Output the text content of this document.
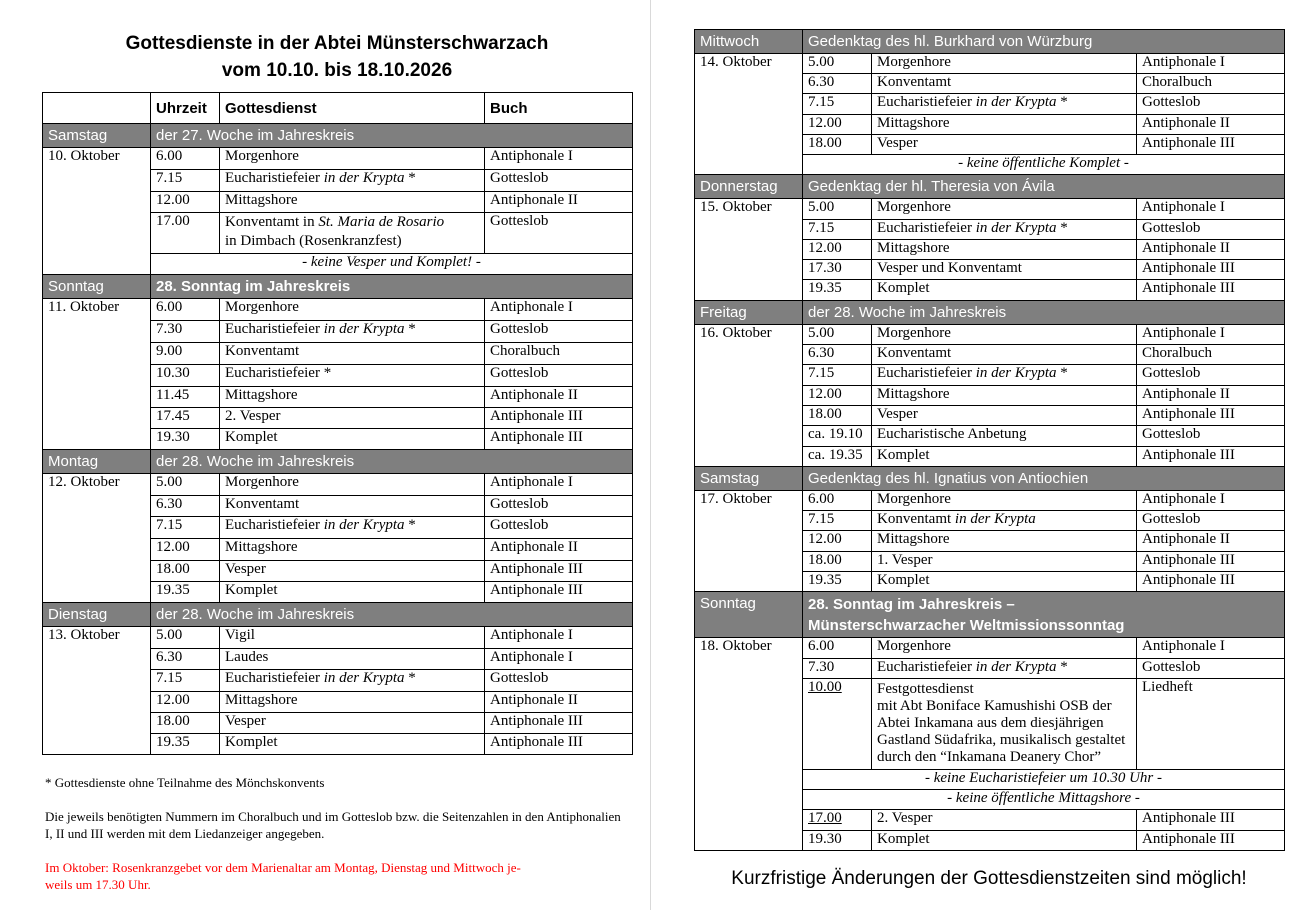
Gottesdienste in der Abtei Münsterschwarzach
vom 10.10. bis 18.10.2026
	Uhrzeit	Gottesdienst	Buch
Samstag	der 27. Woche im Jahreskreis		
10. Oktober	6.00	Morgenhore	Antiphonale I
	7.15	Eucharistiefeier in der Krypta *	Gotteslob
	12.00	Mittagshore	Antiphonale II
	17.00	Konventamt in St. Maria de Rosario
in Dimbach (Rosenkranzfest)	Gotteslob
	- keine Vesper und Komplet! -		
Sonntag	28. Sonntag im Jahreskreis		
11. Oktober	6.00	Morgenhore	Antiphonale I
	7.30	Eucharistiefeier in der Krypta *	Gotteslob
	9.00	Konventamt	Choralbuch
	10.30	Eucharistiefeier *	Gotteslob
	11.45	Mittagshore	Antiphonale II
	17.45	2. Vesper	Antiphonale III
	19.30	Komplet	Antiphonale III
Montag	der 28. Woche im Jahreskreis		
12. Oktober	5.00	Morgenhore	Antiphonale I
	6.30	Konventamt	Gotteslob
	7.15	Eucharistiefeier in der Krypta *	Gotteslob
	12.00	Mittagshore	Antiphonale II
	18.00	Vesper	Antiphonale III
	19.35	Komplet	Antiphonale III
Dienstag	der 28. Woche im Jahreskreis		
13. Oktober	5.00	Vigil	Antiphonale I
	6.30	Laudes	Antiphonale I
	7.15	Eucharistiefeier in der Krypta *	Gotteslob
	12.00	Mittagshore	Antiphonale II
	18.00	Vesper	Antiphonale III
	19.35	Komplet	Antiphonale III
* Gottesdienste ohne Teilnahme des Mönchskonvents
Die jeweils benötigten Nummern im Choralbuch und im Gotteslob bzw. die Seitenzahlen in den Antiphonalien I, II und III werden mit dem Liedanzeiger angegeben.
Im Oktober: Rosenkranzgebet vor dem Marienaltar am Montag, Dienstag und Mittwoch je-
weils um 17.30 Uhr.
Mittwoch	Gedenktag des hl. Burkhard von Würzburg		
14. Oktober	5.00	Morgenhore	Antiphonale I
	6.30	Konventamt	Choralbuch
	7.15	Eucharistiefeier in der Krypta *	Gotteslob
	12.00	Mittagshore	Antiphonale II
	18.00	Vesper	Antiphonale III
	- keine öffentliche Komplet -		
Donnerstag	Gedenktag der hl. Theresia von Ávila		
15. Oktober	5.00	Morgenhore	Antiphonale I
	7.15	Eucharistiefeier in der Krypta *	Gotteslob
	12.00	Mittagshore	Antiphonale II
	17.30	Vesper und Konventamt	Antiphonale III
	19.35	Komplet	Antiphonale III
Freitag	der 28. Woche im Jahreskreis		
16. Oktober	5.00	Morgenhore	Antiphonale I
	6.30	Konventamt	Choralbuch
	7.15	Eucharistiefeier in der Krypta *	Gotteslob
	12.00	Mittagshore	Antiphonale II
	18.00	Vesper	Antiphonale III
	ca. 19.10	Eucharistische Anbetung	Gotteslob
	ca. 19.35	Komplet	Antiphonale III
Samstag	Gedenktag des hl. Ignatius von Antiochien		
17. Oktober	6.00	Morgenhore	Antiphonale I
	7.15	Konventamt in der Krypta	Gotteslob
	12.00	Mittagshore	Antiphonale II
	18.00	1. Vesper	Antiphonale III
	19.35	Komplet	Antiphonale III
Sonntag	28. Sonntag im Jahreskreis –
Münsterschwarzacher Weltmissionssonntag		

18. Oktober	6.00	Morgenhore	Antiphonale I
	7.30	Eucharistiefeier in der Krypta *	Gotteslob
	10.00	Festgottesdienst
mit Abt Boniface Kamushishi OSB der
Abtei Inkamana aus dem diesjährigen
Gastland Südafrika, musikalisch gestaltet
durch den “Inkamana Deanery Chor”	Liedheft
	- keine Eucharistiefeier um 10.30 Uhr -		
	- keine öffentliche Mittagshore -		
	17.00	2. Vesper	Antiphonale III
	19.30	Komplet	Antiphonale III
Kurzfristige Änderungen der Gottesdienstzeiten sind möglich!
